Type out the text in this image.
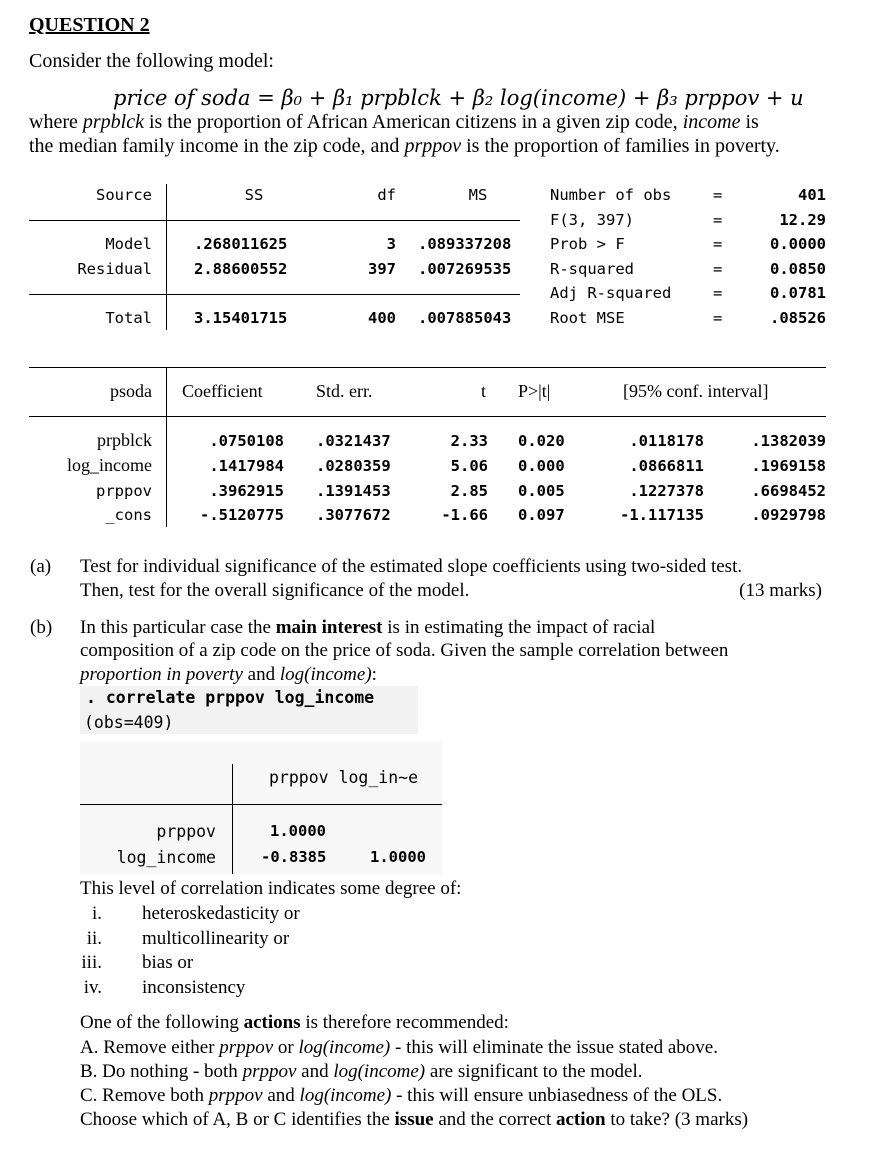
QUESTION 2
Consider the following model:
price of soda = β₀ + β₁ prpblck + β₂ log(income) + β₃ prppov + u
where prpblck is the proportion of African American citizens in a given zip code, income is
the median family income in the zip code, and prppov is the proportion of families in poverty.
Source	SS	df	MS
Model	.268011625	3 .089337208
Residual	2.88600552	397 .007269535
Total	3.15401715	400 .007885043
Number of obs	=	401
F(3, 397)	=	12.29
Prob > F	=	0.0000
R-squared	=	0.0850
Adj R-squared	=	0.0781
Root MSE	=	.08526
psoda Coefficient	Std. err.	t P>|t|	[95% conf. interval]
prpblck	.0750108 .0321437	2.33 0.020	.0118178	.1382039
log_income	.1417984 .0280359	5.06 0.000	.0866811	.1969158
prppov	.3962915 .1391453	2.85 0.005	.1227378	.6698452
_cons	-.5120775 .3077672	-1.66 0.097	-1.117135	.0929798
(a) Test for individual significance of the estimated slope coefficients using two-sided test.
Then, test for the overall significance of the model.	(13 marks)
(b) In this particular case the main interest is in estimating the impact of racial
composition of a zip code on the price of soda. Given the sample correlation between
proportion in poverty and log(income):
. correlate prppov log_income
(obs=409)
prppov log_in~e
prppov	1.0000
log_income	-0.8385	1.0000
This level of correlation indicates some degree of:
i. heteroskedasticity or
ii. multicollinearity or
iii. bias or
iv. inconsistency
One of the following actions is therefore recommended:
A. Remove either prppov or log(income) - this will eliminate the issue stated above.
B. Do nothing - both prppov and log(income) are significant to the model.
C. Remove both prppov and log(income) - this will ensure unbiasedness of the OLS.
Choose which of A, B or C identifies the issue and the correct action to take? (3 marks)
